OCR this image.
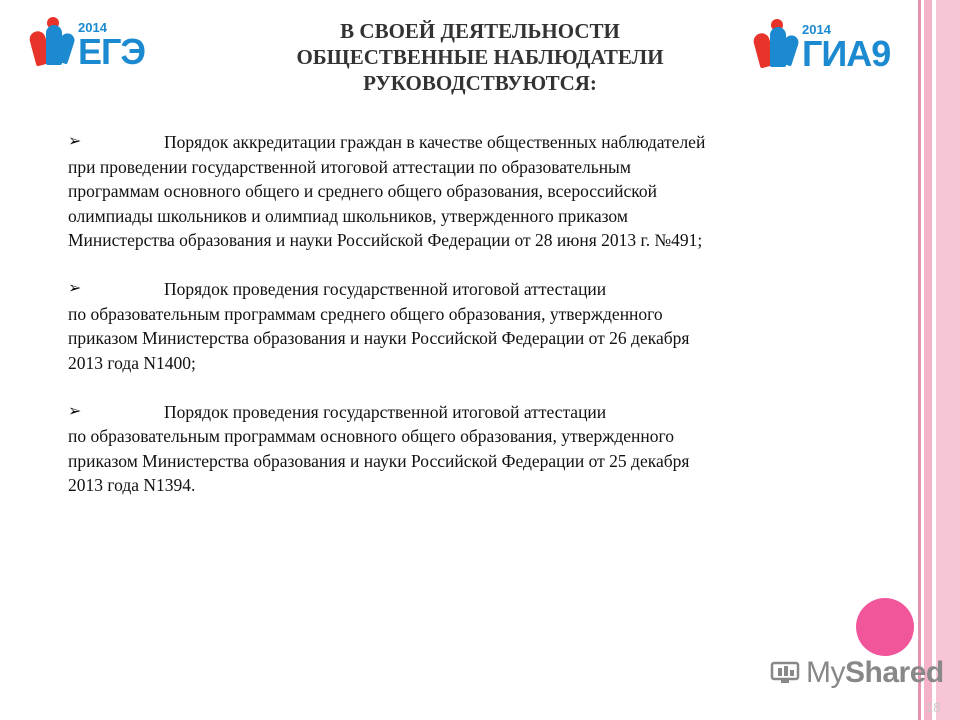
2014
ЕГЭ
2014
ГИА9
В СВОЕЙ ДЕЯТЕЛЬНОСТИ
ОБЩЕСТВЕННЫЕ НАБЛЮДАТЕЛИ
РУКОВОДСТВУЮТСЯ:
➢	Порядок аккредитации граждан в качестве общественных наблюдателей
при проведении государственной итоговой аттестации по образовательным
программам основного общего и среднего общего образования, всероссийской
олимпиады школьников и олимпиад школьников, утвержденного приказом
Министерства образования и науки Российской Федерации от 28 июня 2013 г. №491;
➢	Порядок проведения государственной итоговой аттестации
по образовательным программам среднего общего образования, утвержденного
приказом Министерства образования и науки Российской Федерации от 26 декабря
2013 года N1400;
➢	Порядок проведения государственной итоговой аттестации
по образовательным программам основного общего образования, утвержденного
приказом Министерства образования и науки Российской Федерации от 25 декабря
2013 года N1394.
MyShared
18
